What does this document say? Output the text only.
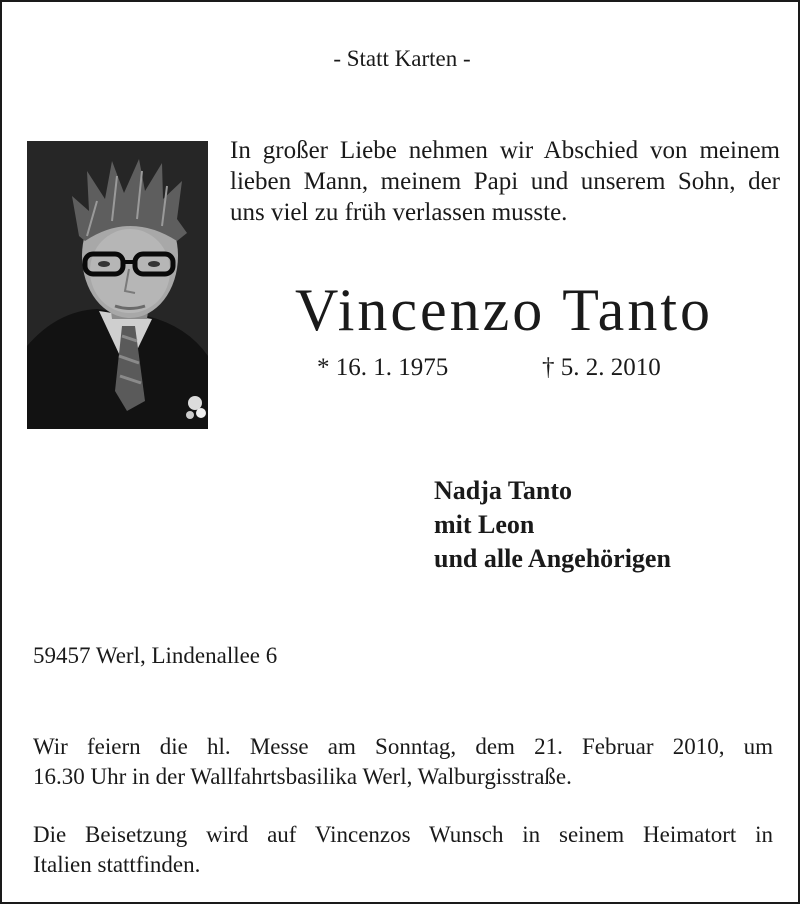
- Statt Karten -

In großer Liebe nehmen wir Abschied von meinem
lieben Mann, meinem Papi und unserem Sohn, der
uns viel zu früh verlassen musste.

Vincenzo Tanto

* 16. 1. 1975	† 5. 2. 2010

Nadja Tanto
mit Leon
und alle Angehörigen

59457 Werl, Lindenallee 6

Wir feiern die hl. Messe am Sonntag, dem 21. Februar 2010, um
16.30 Uhr in der Wallfahrtsbasilika Werl, Walburgisstraße.
Die Beisetzung wird auf Vincenzos Wunsch in seinem Heimatort in
Italien stattfinden.
